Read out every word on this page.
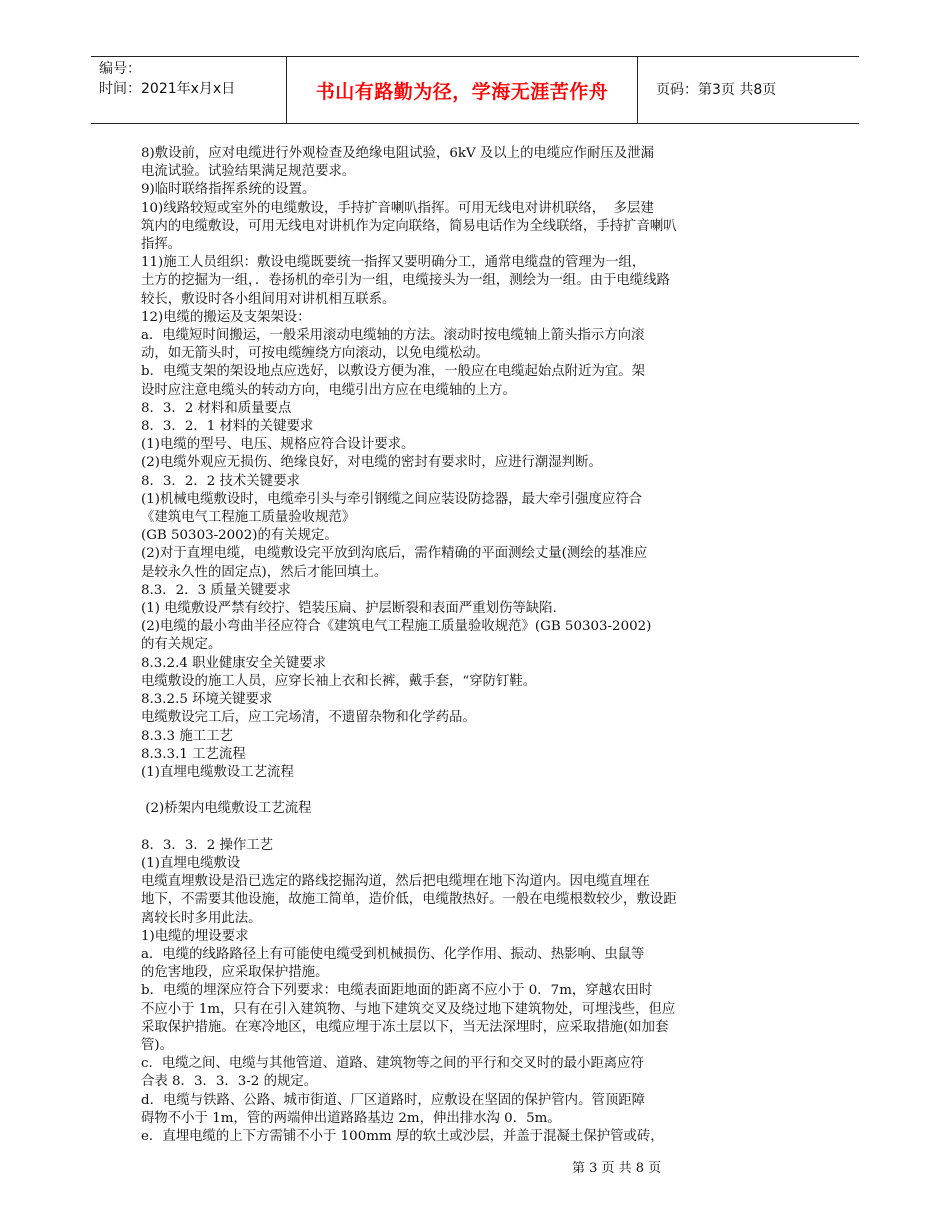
编号：
时间：2021年x月x日	书山有路勤为径，学海无涯苦作舟	页码：第3页 共8页
8)敷设前，应对电缆进行外观检查及绝缘电阻试验，6kV 及以上的电缆应作耐压及泄漏
电流试验。试验结果满足规范要求。
9)临时联络指挥系统的设置。
10)线路较短或室外的电缆敷设，手持扩音喇叭指挥。可用无线电对讲机联络，  多层建
筑内的电缆敷设，可用无线电对讲机作为定向联络，简易电话作为全线联络，手持扩音喇叭
指挥。
11)施工人员组织：敷设电缆既要统一指挥又要明确分工，通常电缆盘的管理为一组，
土方的挖掘为一组，．卷扬机的牵引为一组，电缆接头为一组，测绘为一组。由于电缆线路
较长，敷设时各小组间用对讲机相互联系。
12)电缆的搬运及支架架设：
a．电缆短时间搬运，一般采用滚动电缆轴的方法。滚动时按电缆轴上箭头指示方向滚
动，如无箭头时，可按电缆缠绕方向滚动，以免电缆松动。
b．电缆支架的架设地点应选好，以敷设方便为准，一般应在电缆起始点附近为宜。架
设时应注意电缆头的转动方向，电缆引出方应在电缆轴的上方。
8．3．2 材料和质量要点
8．3．2．1 材料的关键要求
(1)电缆的型号、电压、规格应符合设计要求。
(2)电缆外观应无损伤、绝缘良好，对电缆的密封有要求时，应进行潮湿判断。
8．3．2．2 技术关键要求
(1)机械电缆敷设时，电缆牵引头与牵引钢缆之间应装设防捻器，最大牵引强度应符合
《建筑电气工程施工质量验收规范》
(GB 50303-2002)的有关规定。
(2)对于直埋电缆，电缆敷设完平放到沟底后，需作精确的平面测绘丈量(测绘的基准应
是较永久性的固定点)，然后才能回填土。
8.3．2．3 质量关键要求
(1) 电缆敷设严禁有绞拧、铠装压扁、护层断裂和表面严重划伤等缺陷.
(2)电缆的最小弯曲半径应符合《建筑电气工程施工质量验收规范》(GB 50303-2002)
的有关规定。
8.3.2.4 职业健康安全关键要求
电缆敷设的施工人员，应穿长袖上衣和长裤，戴手套，“穿防钉鞋。
8.3.2.5 环境关键要求
电缆敷设完工后，应工完场清，不遗留杂物和化学药品。
8.3.3 施工工艺
8.3.3.1 工艺流程
(1)直埋电缆敷设工艺流程

(2)桥架内电缆敷设工艺流程

8．3．3．2 操作工艺
(1)直埋电缆敷设
电缆直埋敷设是沿已选定的路线挖掘沟道，然后把电缆埋在地下沟道内。因电缆直埋在
地下，不需要其他设施，故施工简单，造价低，电缆散热好。一般在电缆根数较少，敷设距
离较长时多用此法。
1)电缆的埋设要求
a．电缆的线路路径上有可能使电缆受到机械损伤、化学作用、振动、热影响、虫鼠等
的危害地段，应采取保护措施。
b．电缆的埋深应符合下列要求：电缆表面距地面的距离不应小于 0．7m，穿越农田时
不应小于 1m，只有在引入建筑物、与地下建筑交叉及绕过地下建筑物处，可埋浅些，但应
采取保护措施。在寒冷地区，电缆应埋于冻土层以下，当无法深埋时，应采取措施(如加套
管)。
c．电缆之间、电缆与其他管道、道路、建筑物等之间的平行和交叉时的最小距离应符
合表 8．3．3．3-2 的规定。
d．电缆与铁路、公路、城市街道、厂区道路时，应敷设在坚固的保护管内。管顶距障
碍物不小于 1m，管的两端伸出道路路基边 2m，伸出排水沟 0．5m。
e．直埋电缆的上下方需铺不小于 100mm 厚的软土或沙层，并盖于混凝土保护管或砖，
第 3 页 共 8 页
